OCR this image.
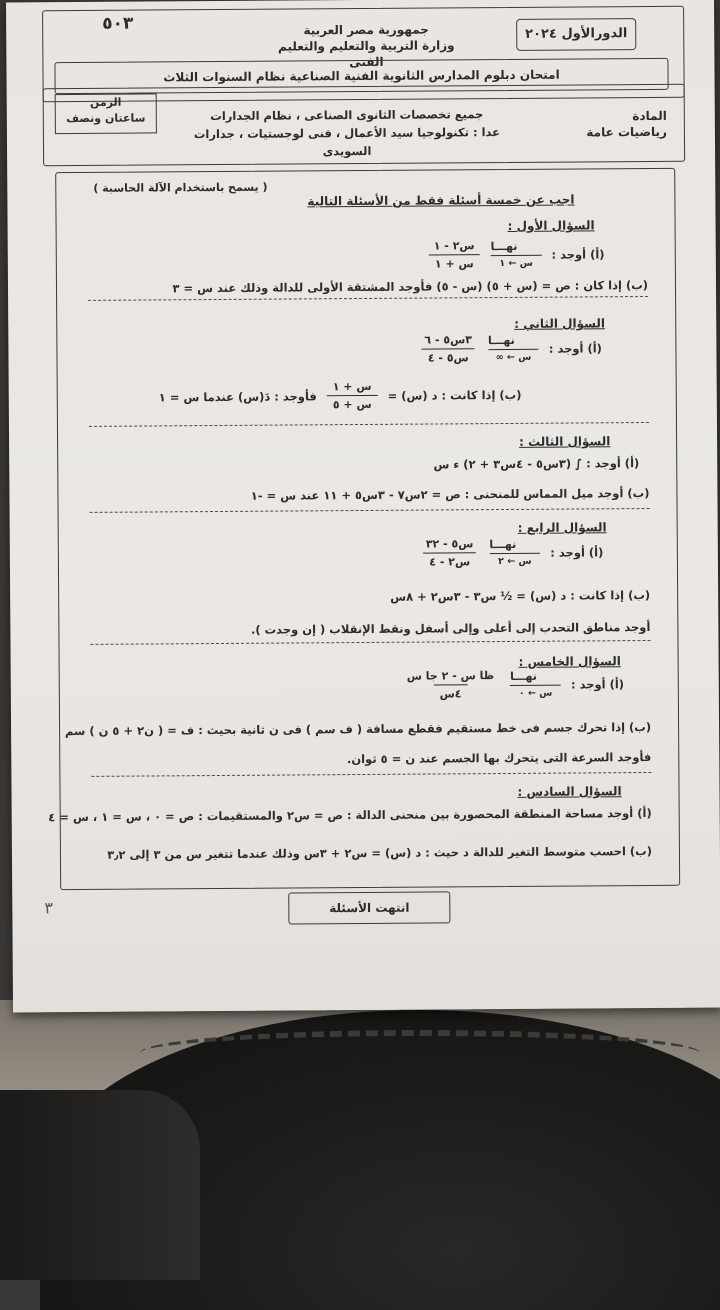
٥٠٣
الدورالأول ٢٠٢٤
جمهورية مصر العربية
وزارة التربية والتعليم والتعليم الفنى
امتحان دبلوم المدارس الثانوية الفنية الصناعية نظام السنوات الثلاث
المادة
رياضيات عامة
الزمن
ساعتان ونصف	جميع تخصصات الثانوى الصناعى ، نظام الجدارات
عدا : تكنولوجيا سيد الأعمال ، فنى لوجستيات ، جدارات السويدى
( يسمح باستخدام الآلة الحاسبة )
اجب عن خمسة أسئلة فقط من الأسئلة التالية
السؤال الأول :
(أ) أوجد :
نهـــا
س ← ١
$\frac{\text{س٢ - ١}}{\text{س + ١}}$
(ب) إذا كان : ص = (س + ٥) (س - ٥) فأوجد المشتقة الأولى للدالة وذلك عند س = ٣
السؤال الثاني :
(أ) أوجد :
نهـــا
س ← ∞
$\frac{\text{٣س٥ - ٦}}{\text{س٥ - ٤}}$
(ب) إذا كانت : د (س) =
$\frac{\text{س + ١}}{\text{س + ٥}}$
فأوجد : دَ(س) عندما س = ١
السؤال الثالث :
(أ) أوجد : ∫ (٣س٥ - ٤س٣ + ٢) ء س
(ب) أوجد ميل المماس للمنحنى : ص = ٢س٧ - ٣س٥ + ١١ عند س = -١
السؤال الرابع :
(أ) أوجد :
نهـــا
س ← ٢
$\frac{\text{س٥ - ٣٢}}{\text{س٢ - ٤}}$
(ب) إذا كانت : د (س) = ½ س٣ - ٣س٢ + ٨س
أوجد مناطق التحدب إلى أعلى وإلى أسفل ونقط الإنقلاب ( إن وجدت ).
السؤال الخامس :
(أ) أوجد :
نهـــا
س ← ٠
$\frac{\text{ظا س - ٢ جا س}}{\text{٤س}}$
(ب) إذا تحرك جسم فى خط مستقيم فقطع مسافة ( ف سم ) فى ن ثانية بحيث : ف = ( ن٢ + ٥ ن ) سم
فأوجد السرعة التى يتحرك بها الجسم عند ن = ٥ ثوان.
السؤال السادس :
(أ) أوجد مساحة المنطقة المحصورة بين منحنى الدالة : ص = س٢ والمستقيمات : ص = ٠ ، س = ١ ، س = ٤
(ب) احسب متوسط التغير للدالة د حيث : د (س) = س٢ + ٣س وذلك عندما تتغير س من ٣ إلى ٣٫٢
انتهت الأسئلة
٣
